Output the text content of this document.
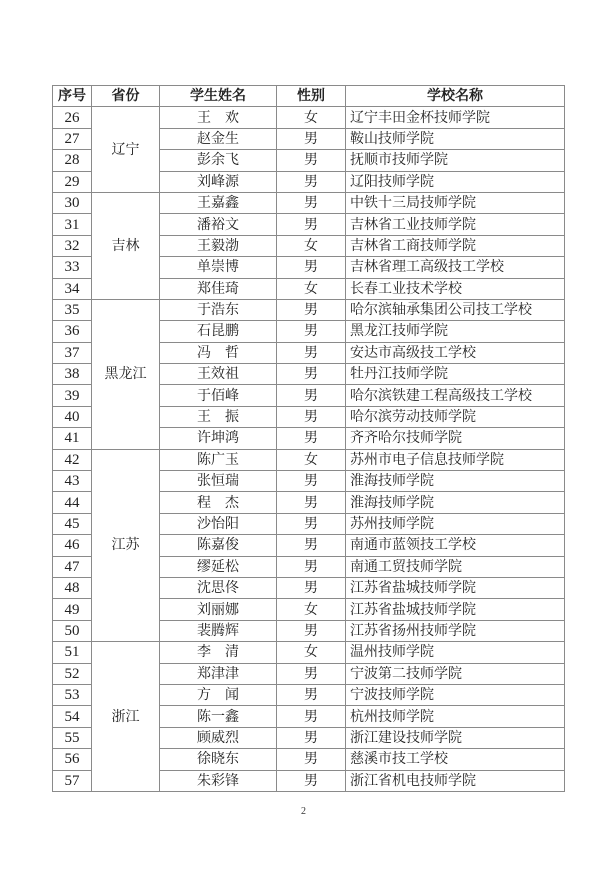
序号	省份	学生姓名	性别	学校名称
26	辽宁	王　欢	女	辽宁丰田金杯技师学院
27		赵金生	男	鞍山技师学院
28		彭余飞	男	抚顺市技师学院
29		刘峰源	男	辽阳技师学院
30	吉林	王嘉鑫	男	中铁十三局技师学院
31		潘裕文	男	吉林省工业技师学院
32		王毅渤	女	吉林省工商技师学院
33		单崇博	男	吉林省理工高级技工学校
34		郑佳琦	女	长春工业技术学校
35	黑龙江	于浩东	男	哈尔滨轴承集团公司技工学校
36		石昆鹏	男	黑龙江技师学院
37		冯　哲	男	安达市高级技工学校
38		王效祖	男	牡丹江技师学院
39		于佰峰	男	哈尔滨铁建工程高级技工学校
40		王　振	男	哈尔滨劳动技师学院
41		许坤鸿	男	齐齐哈尔技师学院
42	江苏	陈广玉	女	苏州市电子信息技师学院
43		张恒瑞	男	淮海技师学院
44		程　杰	男	淮海技师学院
45		沙怡阳	男	苏州技师学院
46		陈嘉俊	男	南通市蓝领技工学校
47		缪延松	男	南通工贸技师学院
48		沈思佟	男	江苏省盐城技师学院
49		刘丽娜	女	江苏省盐城技师学院
50		裴腾辉	男	江苏省扬州技师学院
51	浙江	李　清	女	温州技师学院
52		郑津津	男	宁波第二技师学院
53		方　闻	男	宁波技师学院
54		陈一鑫	男	杭州技师学院
55		顾威烈	男	浙江建设技师学院
56		徐晓东	男	慈溪市技工学校
57		朱彩锋	男	浙江省机电技师学院
2
